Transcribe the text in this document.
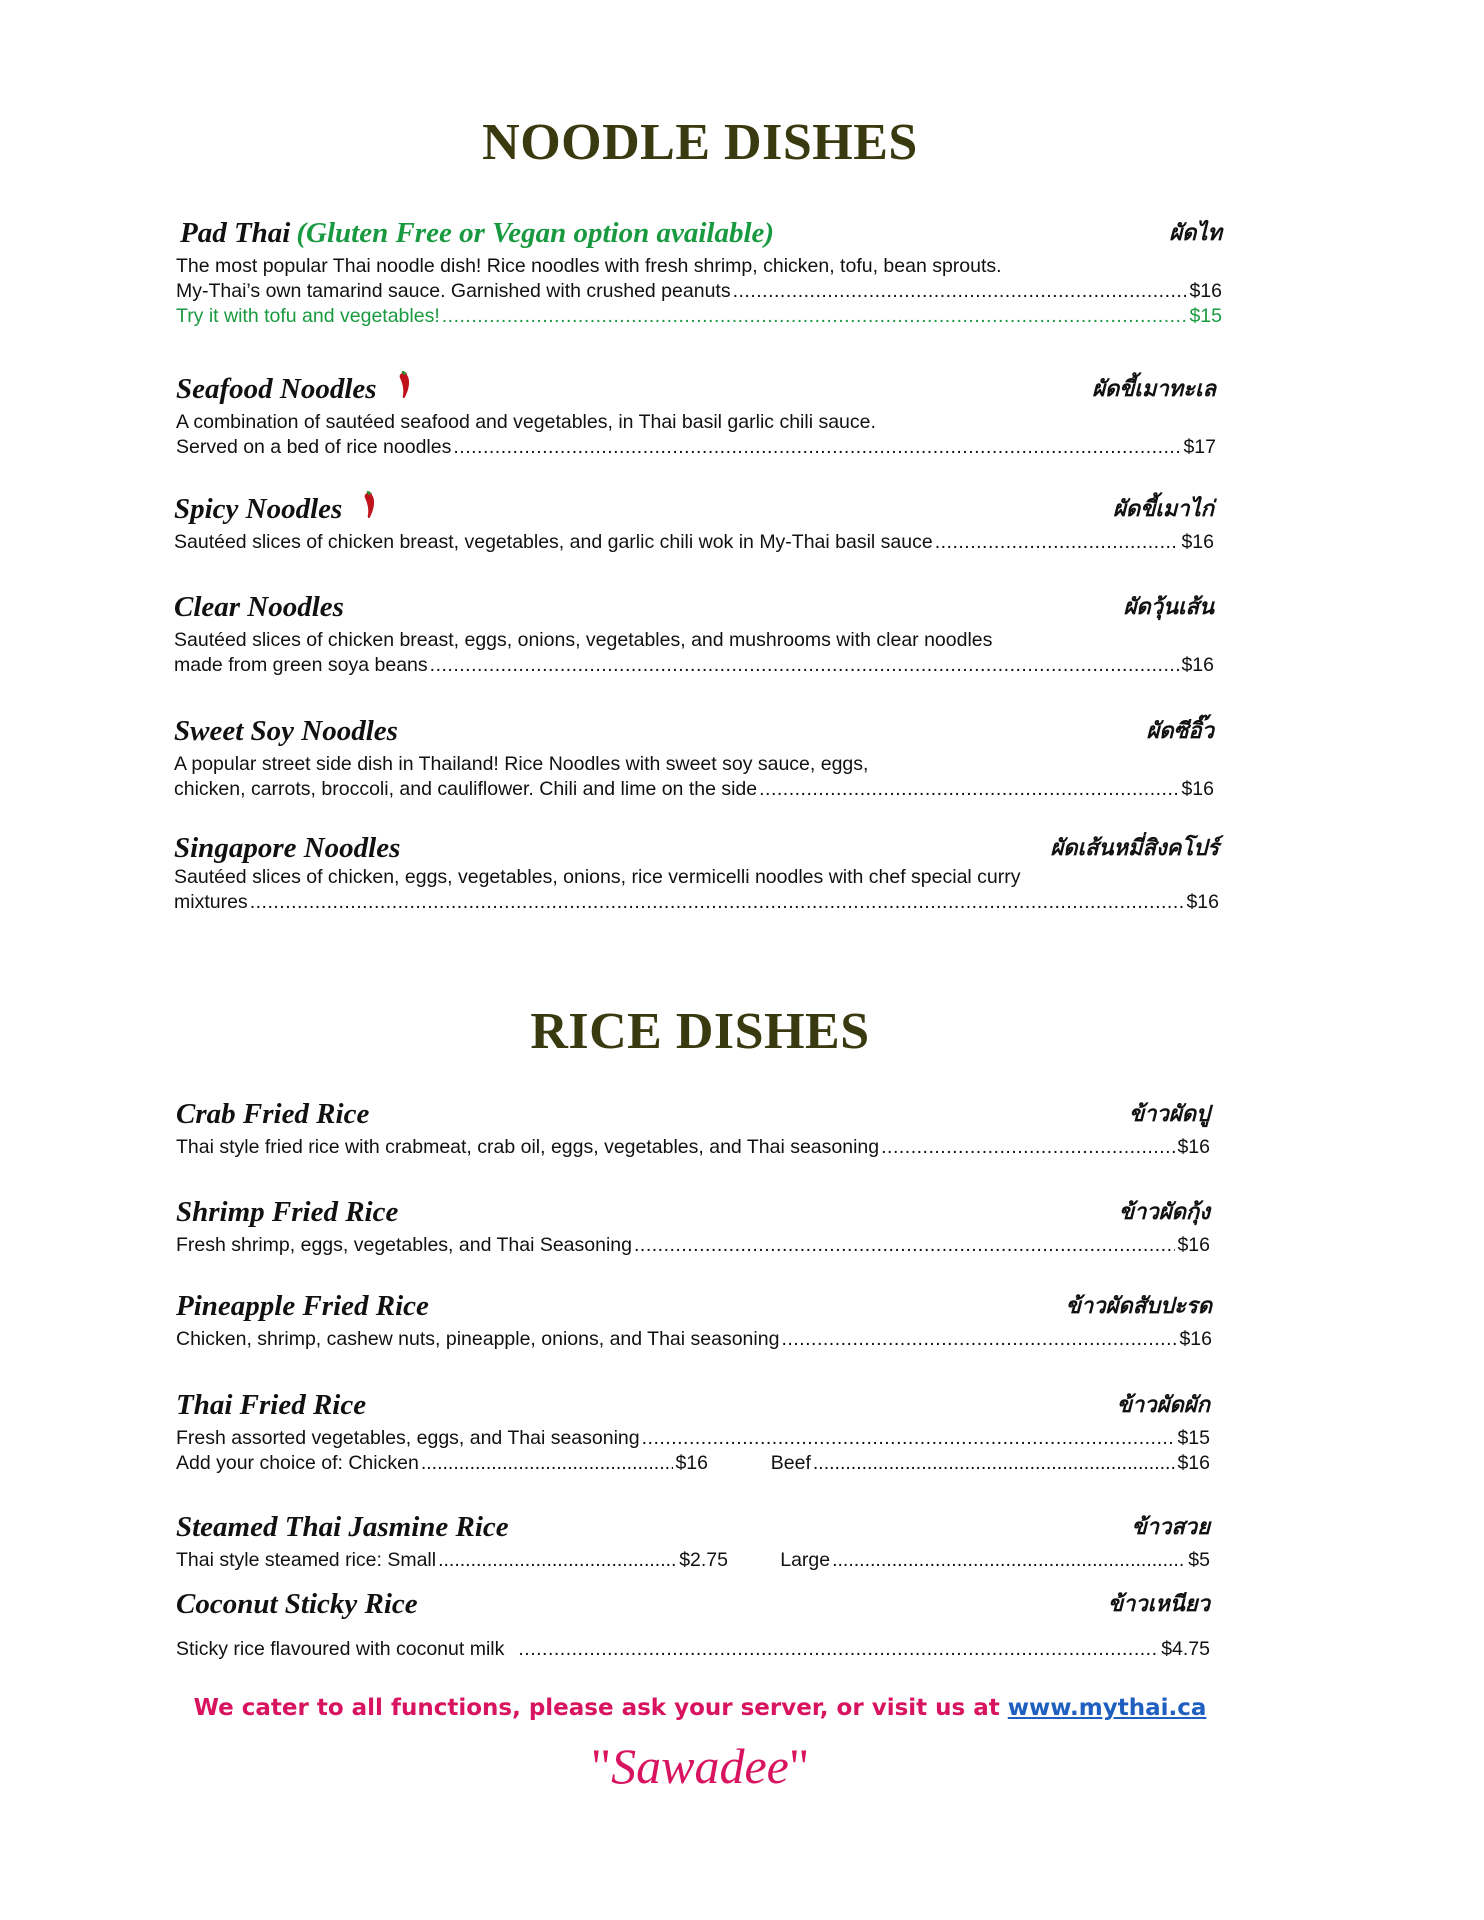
NOODLE DISHES
Pad Thai (Gluten Free or Vegan option available)	ผัดไท
The most popular Thai noodle dish! Rice noodles with fresh shrimp, chicken, tofu, bean sprouts.
My-Thai’s own tamarind sauce. Garnished with crushed peanuts .....	$16
Try it with tofu and vegetables! .....	$15
Seafood Noodles	ผัดขี้เมาทะเล
A combination of sautéed seafood and vegetables, in Thai basil garlic chili sauce.
Served on a bed of rice noodles .....	$17
Spicy Noodles	ผัดขี้เมาไก่
Sautéed slices of chicken breast, vegetables, and garlic chili wok in My-Thai basil sauce .....	$16
Clear Noodles	ผัดวุ้นเส้น
Sautéed slices of chicken breast, eggs, onions, vegetables, and mushrooms with clear noodles
made from green soya beans .....	$16
Sweet Soy Noodles	ผัดซีอิ๊ว
A popular street side dish in Thailand! Rice Noodles with sweet soy sauce, eggs,
chicken, carrots, broccoli, and cauliflower. Chili and lime on the side .....	$16
Singapore Noodles	ผัดเส้นหมี่สิงคโปร์
Sautéed slices of chicken, eggs, vegetables, onions, rice vermicelli noodles with chef special curry
mixtures .....	$16
RICE DISHES
Crab Fried Rice	ข้าวผัดปู
Thai style fried rice with crabmeat, crab oil, eggs, vegetables, and Thai seasoning .....	$16
Shrimp Fried Rice	ข้าวผัดกุ้ง
Fresh shrimp, eggs, vegetables, and Thai Seasoning .....	$16
Pineapple Fried Rice	ข้าวผัดสับปะรด
Chicken, shrimp, cashew nuts, pineapple, onions, and Thai seasoning .....	$16
Thai Fried Rice	ข้าวผัดผัก
Fresh assorted vegetables, eggs, and Thai seasoning .....	$15
Add your choice of: Chicken .....	$16	Beef .....	$16
Steamed Thai Jasmine Rice	ข้าวสวย
Thai style steamed rice: Small .....	$2.75	Large .....	$5
Coconut Sticky Rice	ข้าวเหนียว
Sticky rice flavoured with coconut milk .....	$4.75
We cater to all functions, please ask your server, or visit us at www.mythai.ca
"Sawadee"
